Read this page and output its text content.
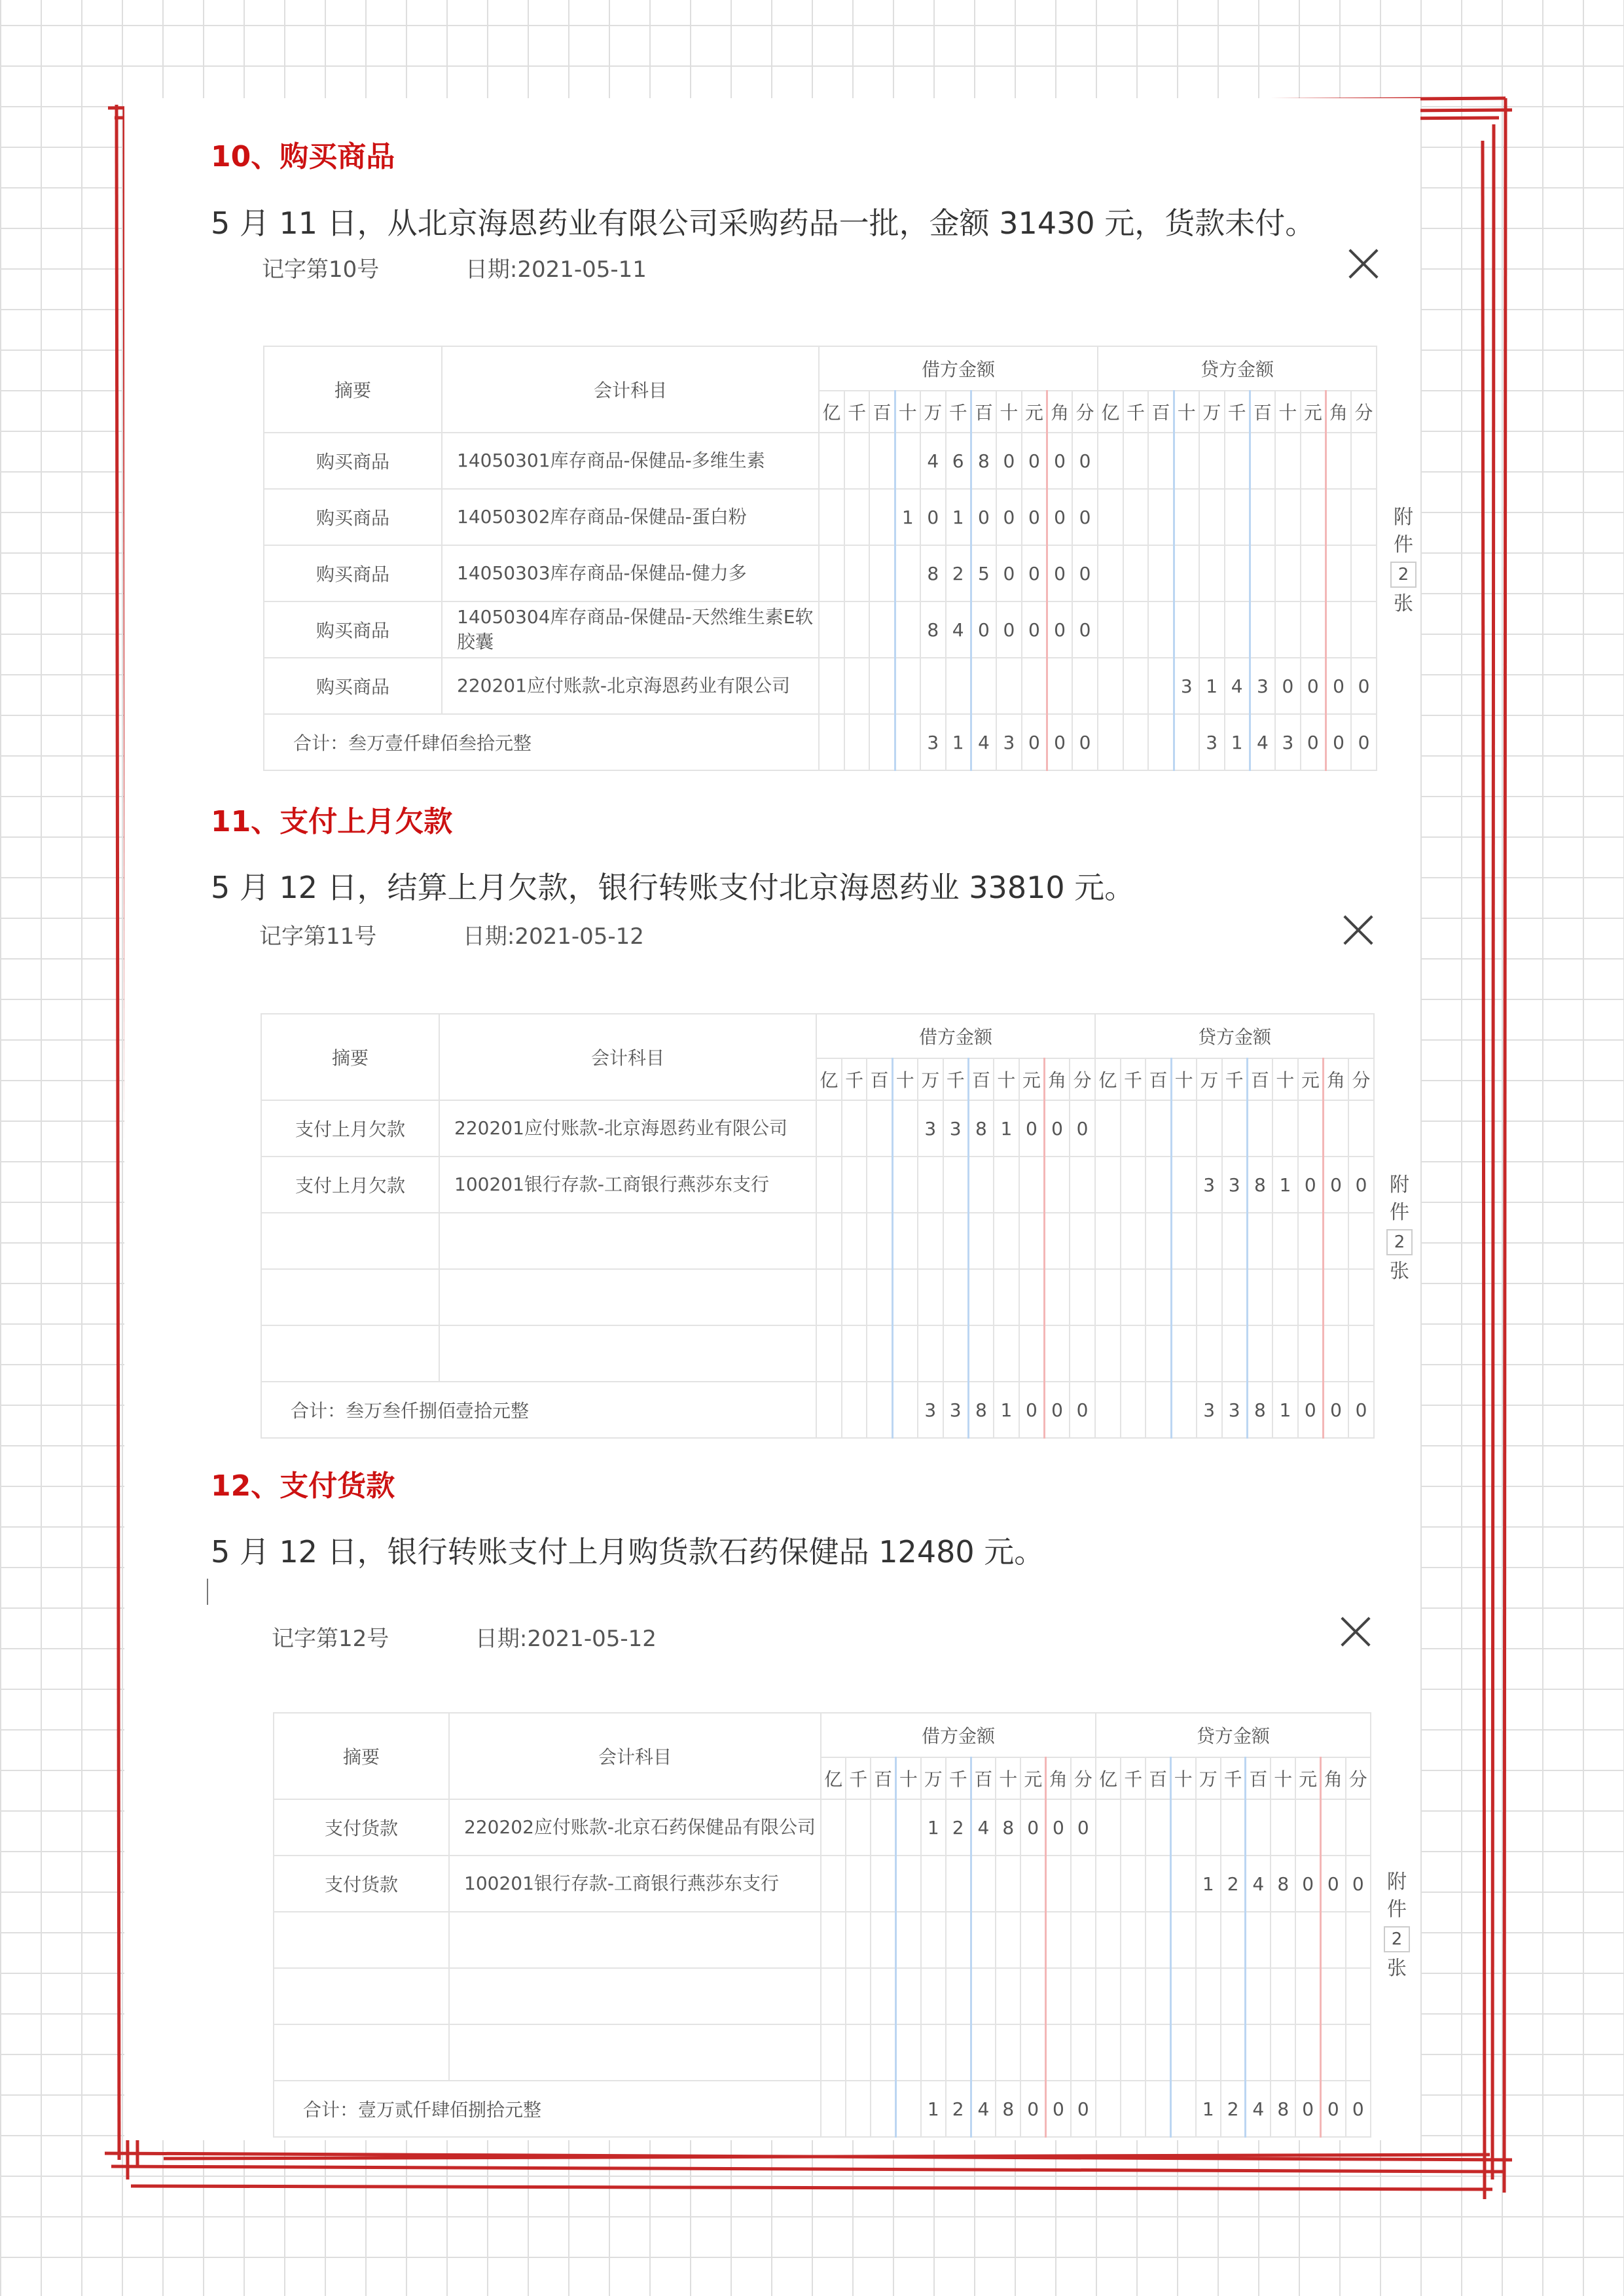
10、购买商品
5 月 11 日，从北京海恩药业有限公司采购药品一批，金额 31430 元，货款未付。
记字第10号	日期:2021-05-11
摘要	会计科目	借方金额											贷方金额										
		亿	千	百	十	万	千	百	十	元	角	分	亿	千	百	十	万	千	百	十	元	角	分
购买商品	14050301库存商品-保健品-多维生素					4	6	8	0	0	0	0											
购买商品	14050302库存商品-保健品-蛋白粉				1	0	1	0	0	0	0	0											
购买商品	14050303库存商品-保健品-健力多					8	2	5	0	0	0	0											
购买商品	14050304库存商品-保健品-天然维生素E软胶囊					8	4	0	0	0	0	0											
购买商品	220201应付账款-北京海恩药业有限公司															3	1	4	3	0	0	0	0
合计：叁万壹仟肆佰叁拾元整						3	1	4	3	0	0	0					3	1	4	3	0	0	0
附
件
2
张
11、支付上月欠款
5 月 12 日，结算上月欠款，银行转账支付北京海恩药业 33810 元。
记字第11号	日期:2021-05-12
摘要	会计科目	借方金额											贷方金额										
		亿	千	百	十	万	千	百	十	元	角	分	亿	千	百	十	万	千	百	十	元	角	分
支付上月欠款	220201应付账款-北京海恩药业有限公司					3	3	8	1	0	0	0											
支付上月欠款	100201银行存款-工商银行燕莎东支行																3	3	8	1	0	0	0

合计：叁万叁仟捌佰壹拾元整						3	3	8	1	0	0	0					3	3	8	1	0	0	0
附
件
2
张
12、支付货款
5 月 12 日，银行转账支付上月购货款石药保健品 12480 元。
记字第12号	日期:2021-05-12
摘要	会计科目	借方金额											贷方金额										
		亿	千	百	十	万	千	百	十	元	角	分	亿	千	百	十	万	千	百	十	元	角	分
支付货款	220202应付账款-北京石药保健品有限公司					1	2	4	8	0	0	0											
支付货款	100201银行存款-工商银行燕莎东支行																1	2	4	8	0	0	0

合计：壹万贰仟肆佰捌拾元整						1	2	4	8	0	0	0					1	2	4	8	0	0	0
附
件
2
张
